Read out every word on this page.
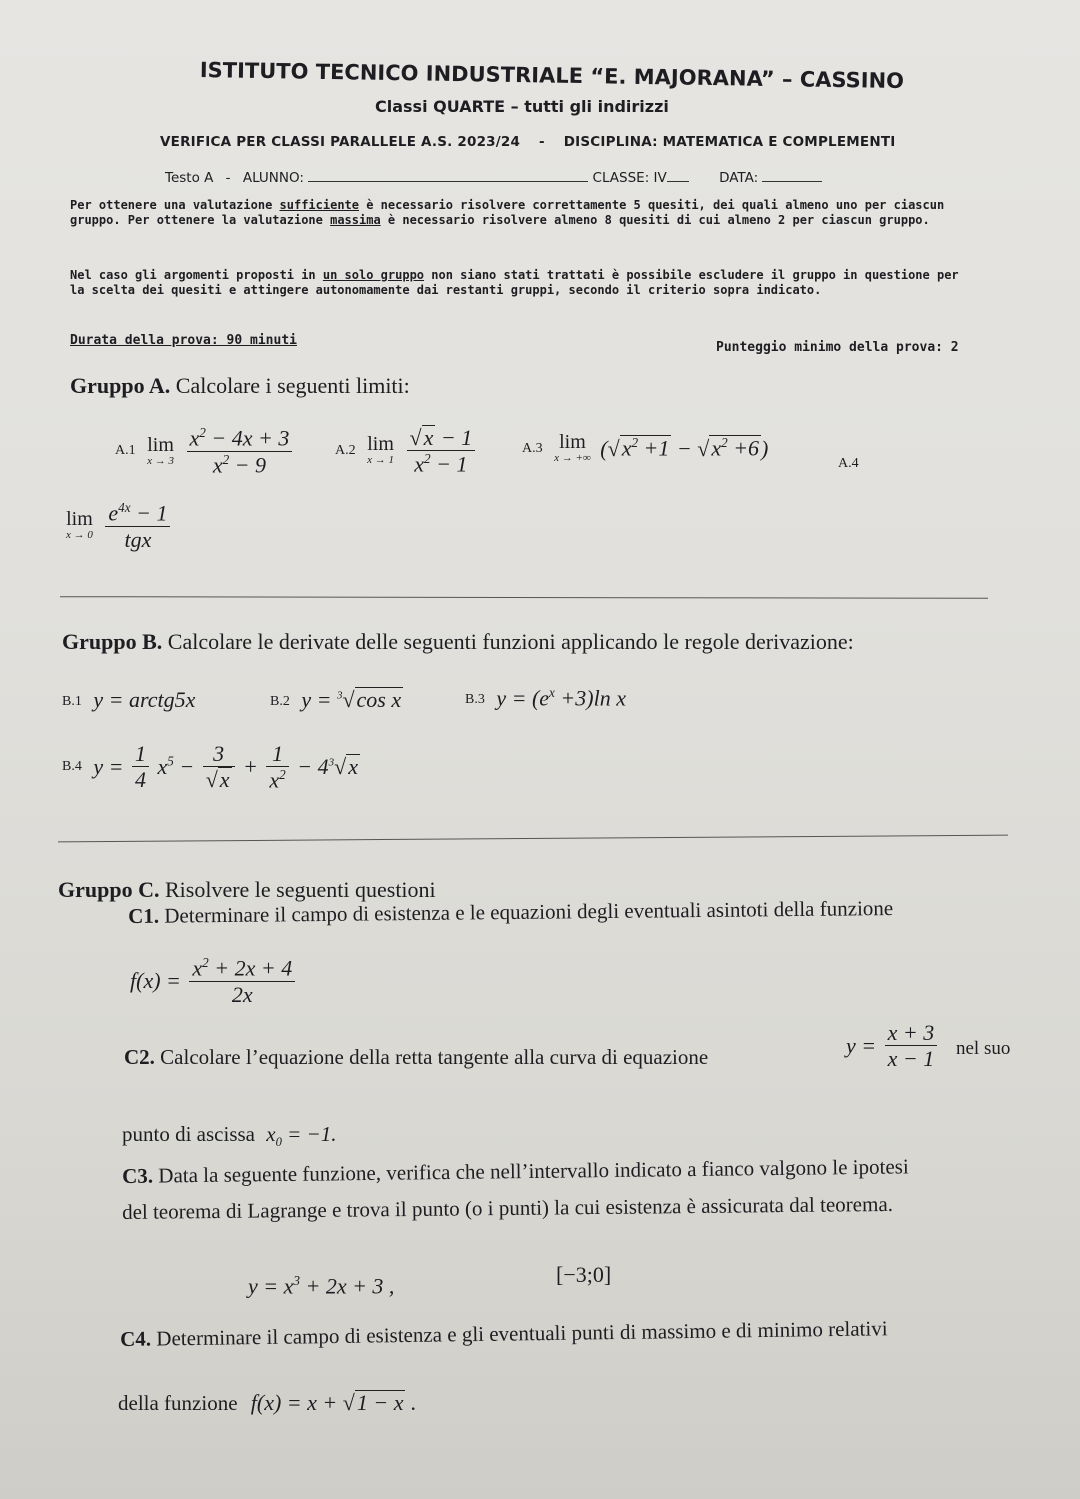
ISTITUTO TECNICO INDUSTRIALE “E. MAJORANA” – CASSINO
Classi QUARTE – tutti gli indirizzi
VERIFICA PER CLASSI PARALLELE A.S. 2023/24 - DISCIPLINA: MATEMATICA E COMPLEMENTI
Testo A - ALUNNO:	CLASSE: IV	DATA:
Per ottenere una valutazione sufficiente è necessario risolvere correttamente 5 quesiti, dei quali almeno uno per ciascun gruppo. Per ottenere la valutazione massima è necessario risolvere almeno 8 quesiti di cui almeno 2 per ciascun gruppo.
Nel caso gli argomenti proposti in un solo gruppo non siano stati trattati è possibile escludere il gruppo in questione per la scelta dei quesiti e attingere autonomamente dai restanti gruppi, secondo il criterio sopra indicato.
Durata della prova: 90 minuti	Punteggio minimo della prova: 2
Gruppo A. Calcolare i seguenti limiti:
A.1 lim
x → 3
$\frac{x^2 - 4x + 3}{x^2 - 9}$	A.2 lim
x → 1
$\frac{√x - 1}{x^2 - 1}$	A.3 lim
x → +∞ $(√x^2 +1 - √x^2 +6)$
A.4
lim
x → 0
$\frac{e^{4x} - 1}{\text{tgx}}$
Gruppo B. Calcolare le derivate delle seguenti funzioni applicando le regole derivazione:
B.1 y = arctg5x	B.2 y = $^3$√cos x	B.3 $y = (e^x +3)\ln$ x
B.4 $y = \frac{1}{4} x^5 - \frac{3}{√x} + \frac{1}{x^2} - 4^3√x$
Gruppo C. Risolvere le seguenti questioni
C1. Determinare il campo di esistenza e le equazioni degli eventuali asintoti della funzione
$f(x) = \frac{x^2 + 2x + 4}{2x}$
C2. Calcolare l’equazione della retta tangente alla curva di equazione	$y = \frac{x + 3}{x - 1}$ nel suo
punto di ascissa $x_0 = -1$.
C3. Data la seguente funzione, verifica che nell’intervallo indicato a fianco valgono le ipotesi
del teorema di Lagrange e trova il punto (o i punti) la cui esistenza è assicurata dal teorema.
$y = x^3 + 2x + 3$ ,	[−3;0]
C4. Determinare il campo di esistenza e gli eventuali punti di massimo e di minimo relativi
della funzione f(x) = x + √1 − x .
